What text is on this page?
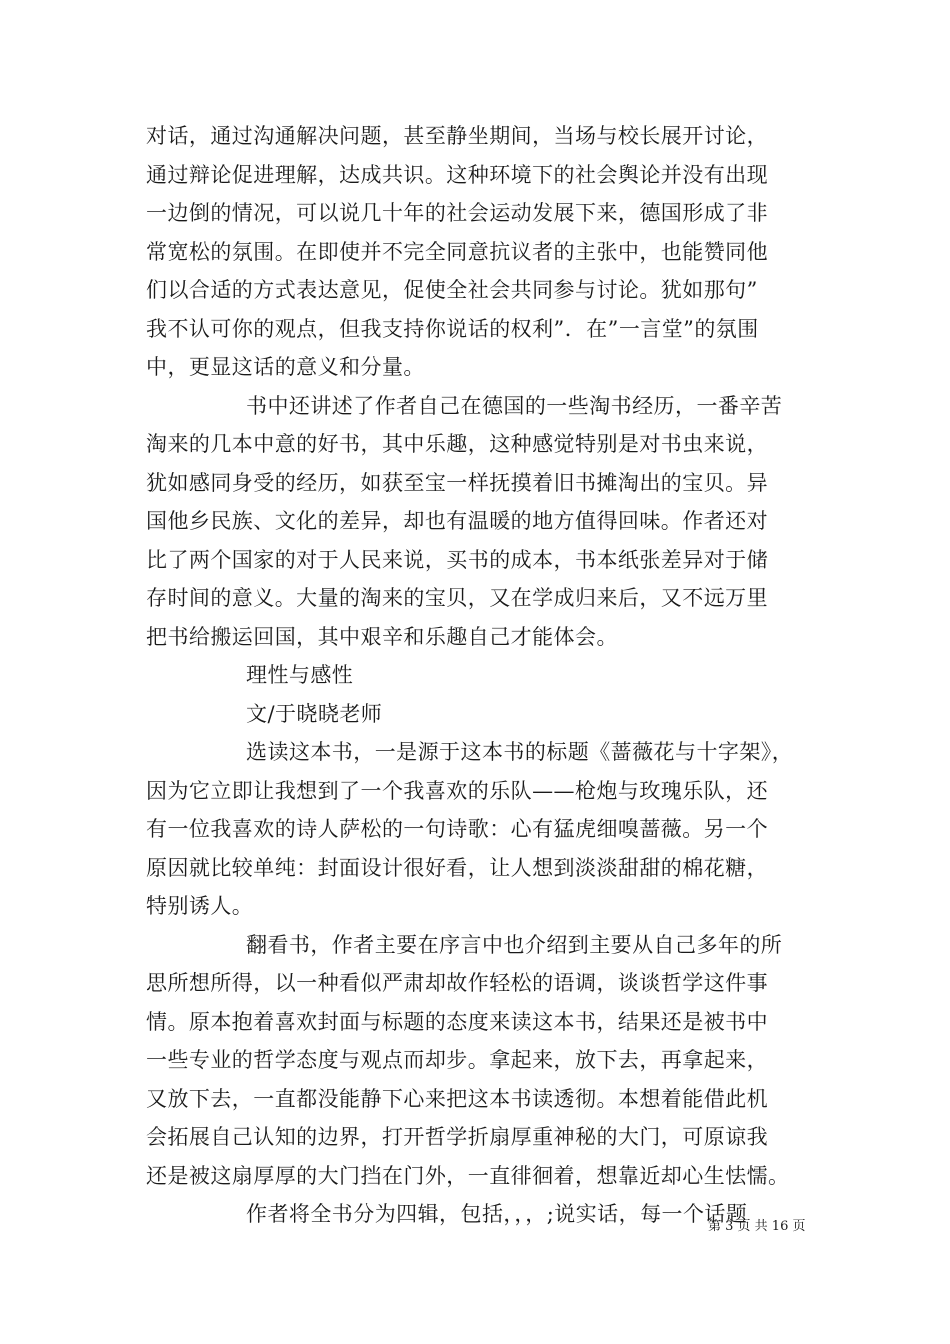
对话，通过沟通解决问题，甚至静坐期间，当场与校长展开讨论，
通过辩论促进理解，达成共识。这种环境下的社会舆论并没有出现
一边倒的情况，可以说几十年的社会运动发展下来，德国形成了非
常宽松的氛围。在即使并不完全同意抗议者的主张中，也能赞同他
们以合适的方式表达意见，促使全社会共同参与讨论。犹如那句”
我不认可你的观点，但我支持你说话的权利”．在”一言堂”的氛围
中，更显这话的意义和分量。
书中还讲述了作者自己在德国的一些淘书经历，一番辛苦
淘来的几本中意的好书，其中乐趣，这种感觉特别是对书虫来说，
犹如感同身受的经历，如获至宝一样抚摸着旧书摊淘出的宝贝。异
国他乡民族、文化的差异，却也有温暖的地方值得回味。作者还对
比了两个国家的对于人民来说，买书的成本，书本纸张差异对于储
存时间的意义。大量的淘来的宝贝，又在学成归来后，又不远万里
把书给搬运回国，其中艰辛和乐趣自己才能体会。
理性与感性
文/于晓晓老师
选读这本书，一是源于这本书的标题《蔷薇花与十字架》，
因为它立即让我想到了一个我喜欢的乐队——枪炮与玫瑰乐队，还
有一位我喜欢的诗人萨松的一句诗歌：心有猛虎细嗅蔷薇。另一个
原因就比较单纯：封面设计很好看，让人想到淡淡甜甜的棉花糖，
特别诱人。
翻看书，作者主要在序言中也介绍到主要从自己多年的所
思所想所得，以一种看似严肃却故作轻松的语调，谈谈哲学这件事
情。原本抱着喜欢封面与标题的态度来读这本书，结果还是被书中
一些专业的哲学态度与观点而却步。拿起来，放下去，再拿起来，
又放下去，一直都没能静下心来把这本书读透彻。本想着能借此机
会拓展自己认知的边界，打开哲学折扇厚重神秘的大门，可原谅我
还是被这扇厚厚的大门挡在门外，一直徘徊着，想靠近却心生怯懦。
作者将全书分为四辑，包括，，，;说实话，每一个话题
第 3 页 共 16 页
